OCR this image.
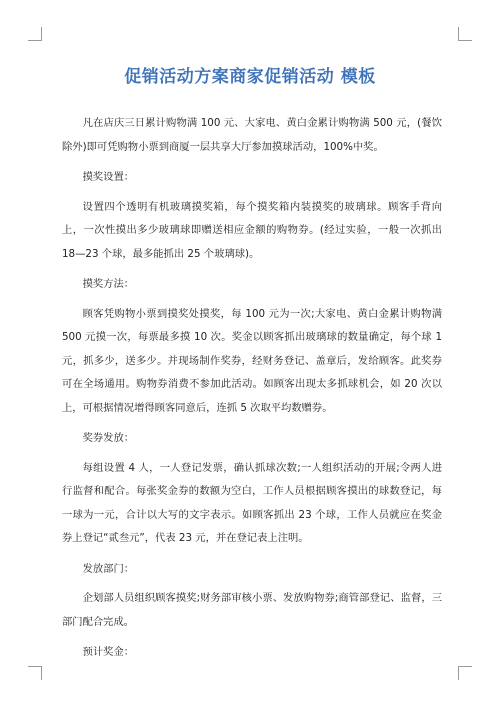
促销活动方案商家促销活动 模板

凡在店庆三日累计购物满 100 元、大家电、黄白金累计购物满 500 元，(餐饮除外)即可凭购物小票到商厦一层共享大厅参加摸球活动，100%中奖。

摸奖设置：

设置四个透明有机玻璃摸奖箱，每个摸奖箱内装摸奖的玻璃球。顾客手背向上，一次性摸出多少玻璃球即赠送相应金额的购物券。(经过实验，一般一次抓出 18—23 个球，最多能抓出 25 个玻璃球)。

摸奖方法：

顾客凭购物小票到摸奖处摸奖，每 100 元为一次;大家电、黄白金累计购物满 500 元摸一次，每票最多摸 10 次。奖金以顾客抓出玻璃球的数量确定，每个球 1 元，抓多少，送多少。并现场制作奖券，经财务登记、盖章后，发给顾客。此奖券可在全场通用。购物券消费不参加此活动。如顾客出现太多抓球机会，如 20 次以上，可根据情况增得顾客同意后，连抓 5 次取平均数赠券。

奖券发放：

每组设置 4 人，一人登记发票，确认抓球次数;一人组织活动的开展;令两人进行监督和配合。每张奖金券的数额为空白，工作人员根据顾客摸出的球数登记，每一球为一元，合计以大写的文字表示。如顾客抓出 23 个球，工作人员就应在奖金券上登记“贰叁元”，代表 23 元，并在登记表上注明。

发放部门：

企划部人员组织顾客摸奖;财务部审核小票、发放购物券;商管部登记、监督，三部门配合完成。

预计奖金：
